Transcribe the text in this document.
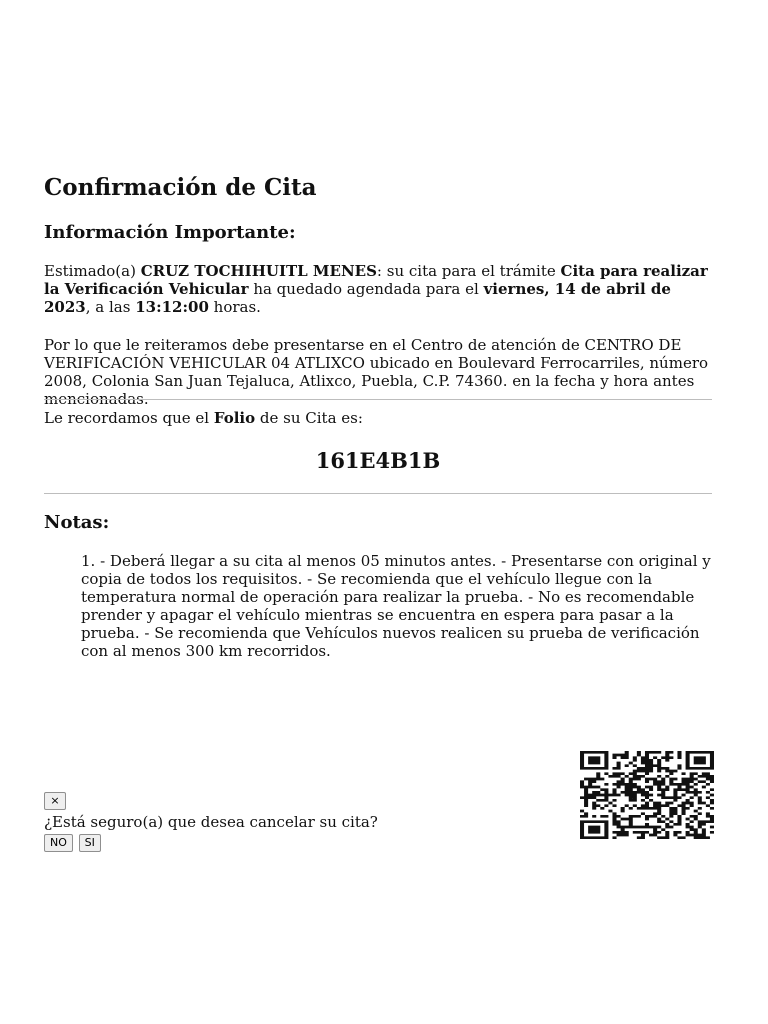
Confirmación de Cita
Información Importante:

Estimado(a) CRUZ TOCHIHUITL MENES: su cita para el trámite Cita para realizar la Verificación Vehicular ha quedado agendada para el viernes, 14 de abril de 2023, a las 13:12:00 horas.

Por lo que le reiteramos debe presentarse en el Centro de atención de CENTRO DE VERIFICACIÓN VEHICULAR 04 ATLIXCO ubicado en Boulevard Ferrocarriles, número 2008, Colonia San Juan Tejaluca, Atlixco, Puebla, C.P. 74360. en la fecha y hora antes mencionadas.

Le recordamos que el Folio de su Cita es:

161E4B1B
Notas:

1. - Deberá llegar a su cita al menos 05 minutos antes. - Presentarse con original y copia de todos los requisitos. - Se recomienda que el vehículo llegue con la temperatura normal de operación para realizar la prueba. - No es recomendable prender y apagar el vehículo mientras se encuentra en espera para pasar a la prueba. - Se recomienda que Vehículos nuevos realicen su prueba de verificación con al menos 300 km recorridos.

×

¿Está seguro(a) que desea cancelar su cita?

NO SI
